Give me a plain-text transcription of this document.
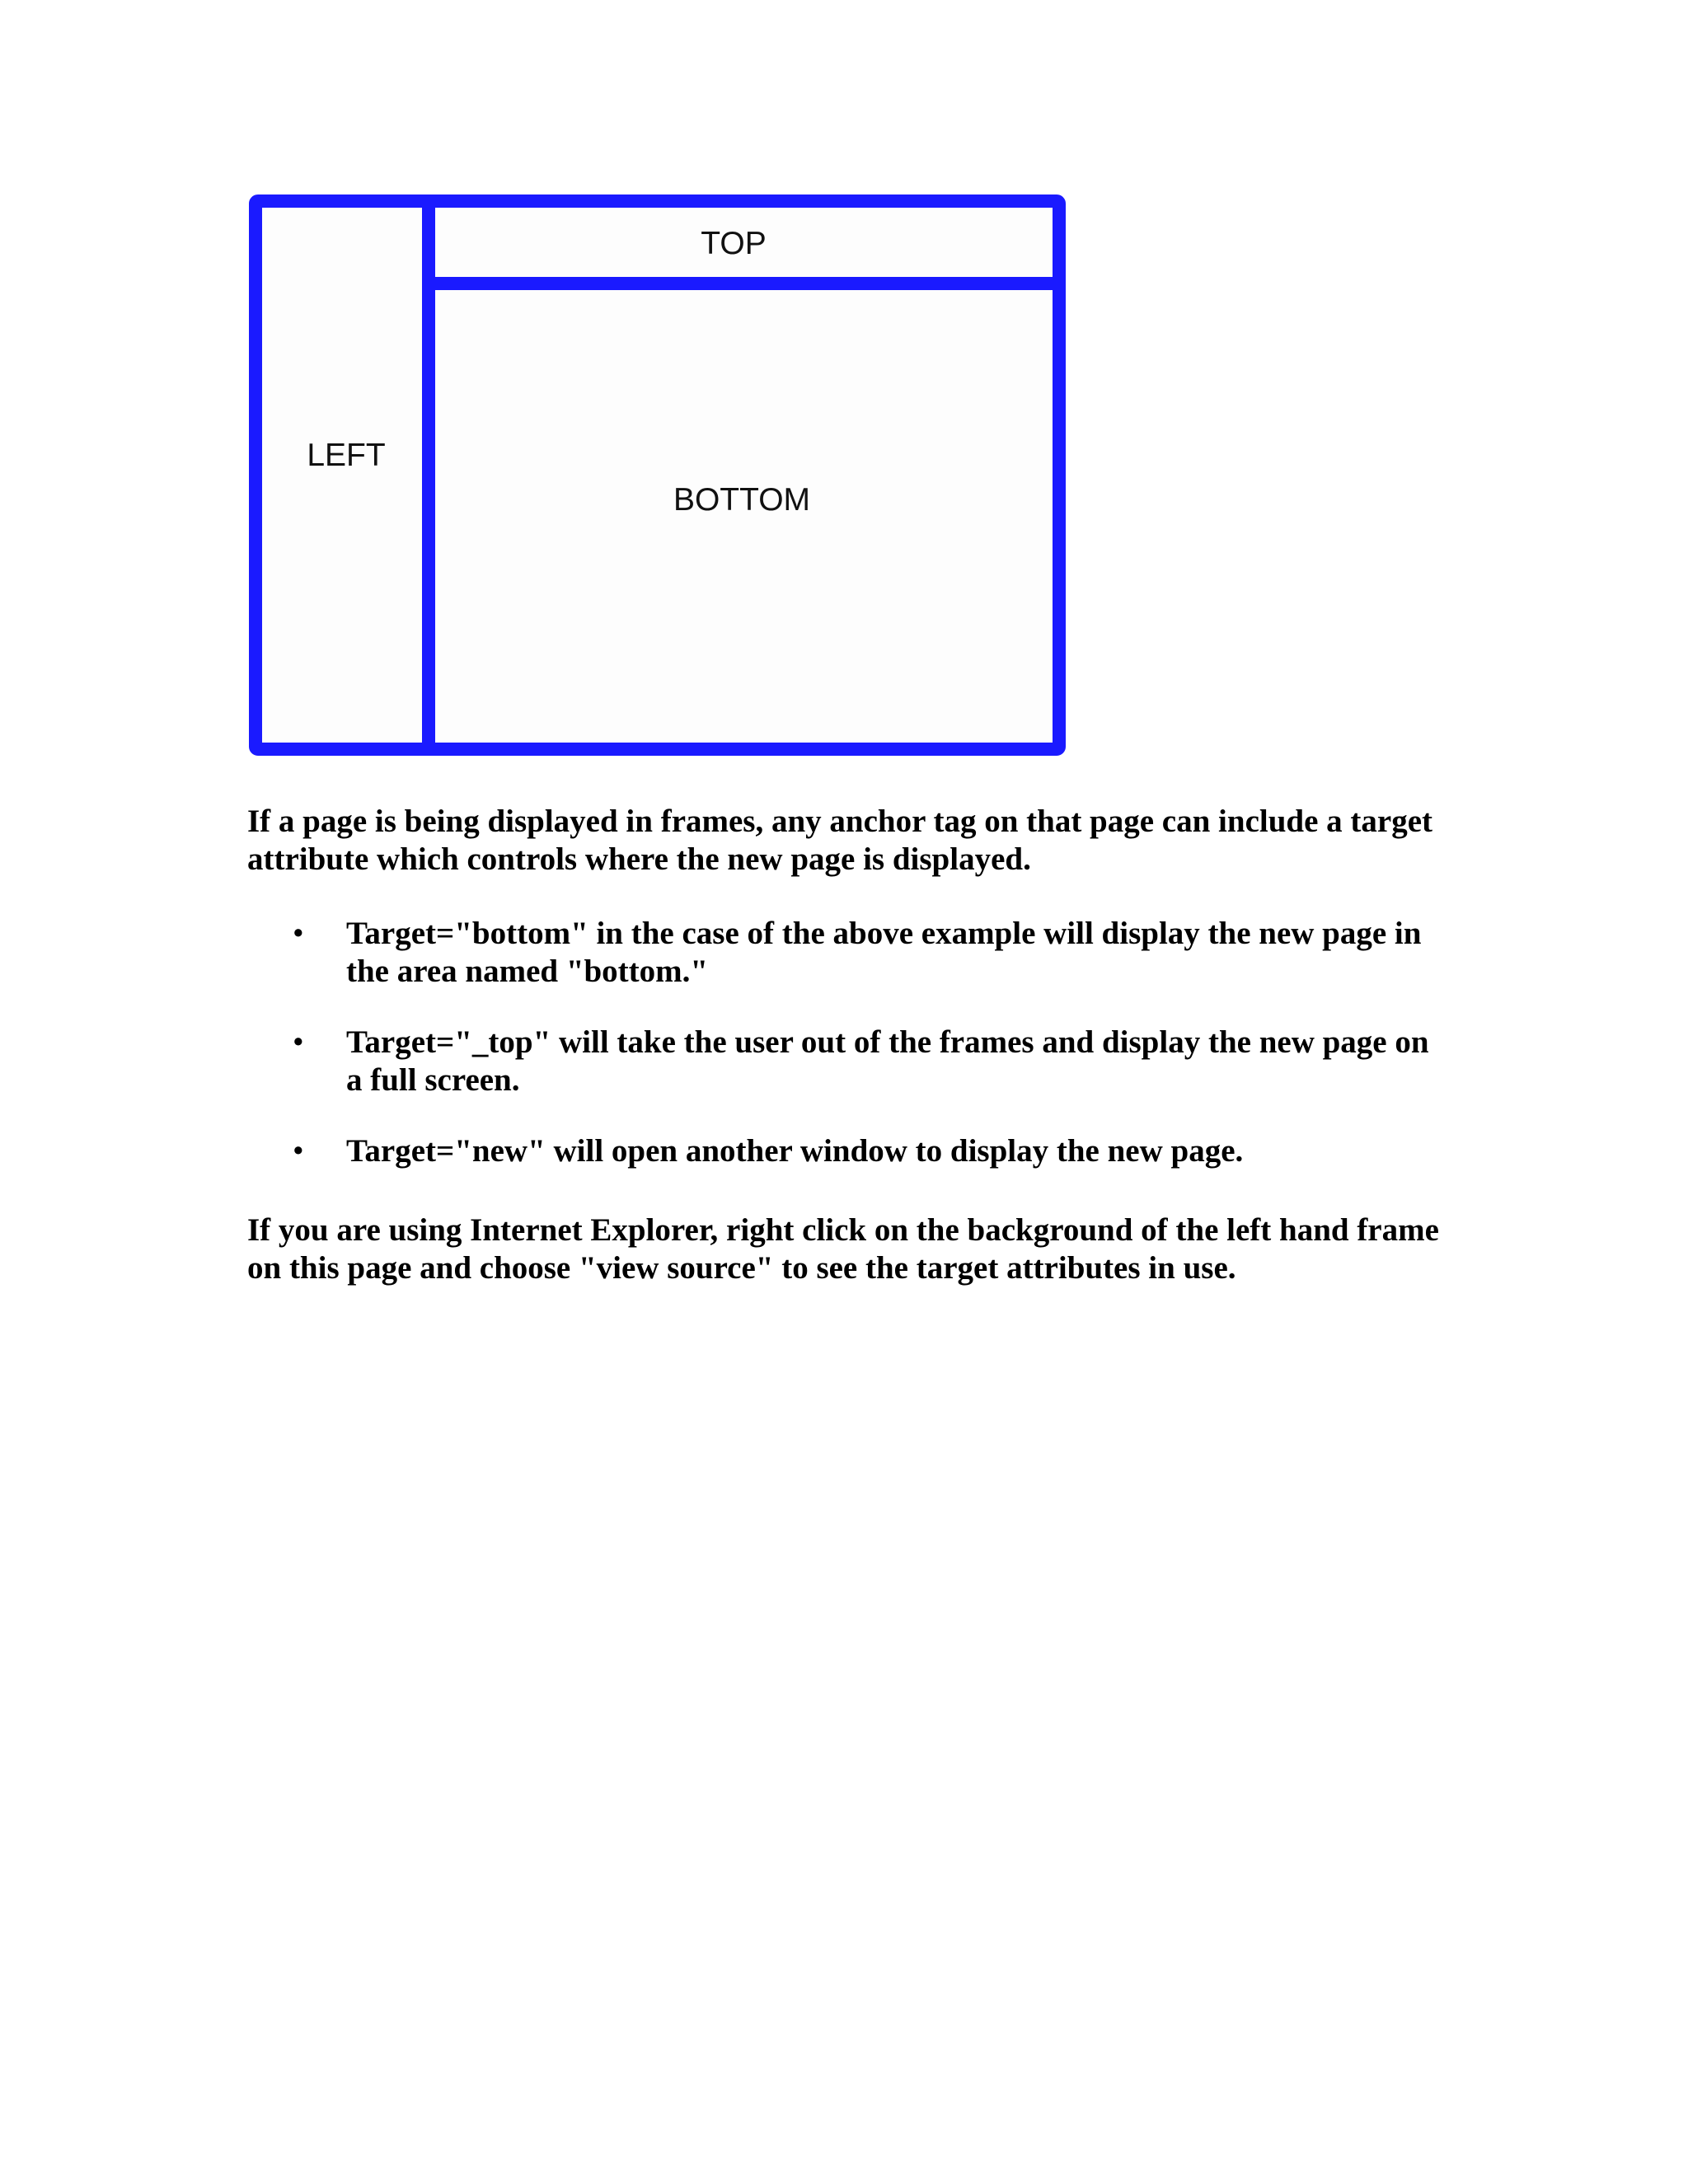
TOP
LEFT
BOTTOM

If a page is being displayed in frames, any anchor tag on that page can include a target attribute which controls where the new page is displayed.

• Target="bottom" in the case of the above example will display the new page in the area named "bottom."
• Target="_top" will take the user out of the frames and display the new page on a full screen.
• Target="new" will open another window to display the new page.

If you are using Internet Explorer, right click on the background of the left hand frame on this page and choose "view source" to see the target attributes in use.
